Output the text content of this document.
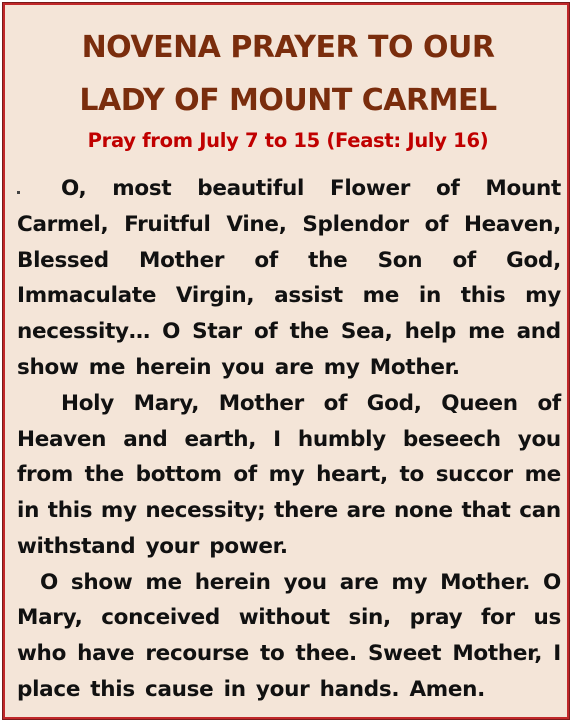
NOVENA PRAYER TO OUR
LADY OF MOUNT CARMEL
Pray from July 7 to 15 (Feast: July 16)
O, most beautiful Flower of Mount
Carmel, Fruitful Vine, Splendor of Heaven,
Blessed Mother of the Son of God,
Immaculate Virgin, assist me in this my
necessity… O Star of the Sea, help me and
show me herein you are my Mother.
Holy Mary, Mother of God, Queen of
Heaven and earth, I humbly beseech you
from the bottom of my heart, to succor me
in this my necessity; there are none that can
withstand your power.
O show me herein you are my Mother. O
Mary, conceived without sin, pray for us
who have recourse to thee. Sweet Mother, I
place this cause in your hands. Amen.
